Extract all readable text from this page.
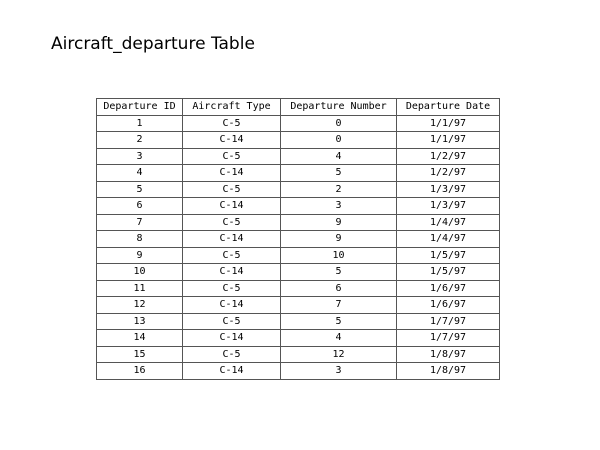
Aircraft_departure Table
Departure ID	Aircraft Type	Departure Number	Departure Date
1	C-5	0	1/1/97
2	C-14	0	1/1/97
3	C-5	4	1/2/97
4	C-14	5	1/2/97
5	C-5	2	1/3/97
6	C-14	3	1/3/97
7	C-5	9	1/4/97
8	C-14	9	1/4/97
9	C-5	10	1/5/97
10	C-14	5	1/5/97
11	C-5	6	1/6/97
12	C-14	7	1/6/97
13	C-5	5	1/7/97
14	C-14	4	1/7/97
15	C-5	12	1/8/97
16	C-14	3	1/8/97
